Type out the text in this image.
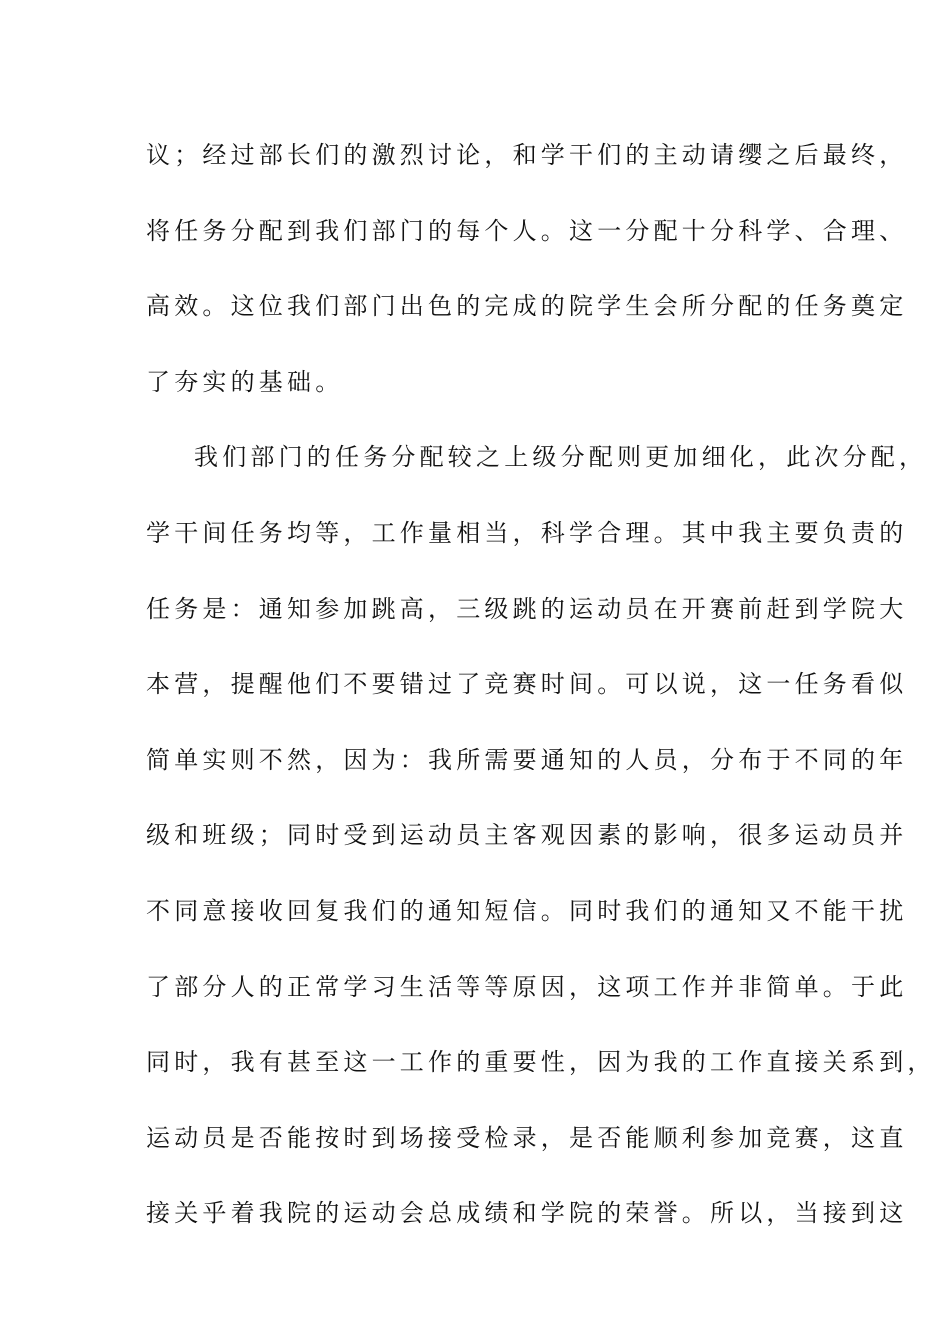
议；经过部长们的激烈讨论，和学干们的主动请缨之后最终，
将任务分配到我们部门的每个人。这一分配十分科学、合理、
高效。这位我们部门出色的完成的院学生会所分配的任务奠定
了夯实的基础。
我们部门的任务分配较之上级分配则更加细化，此次分配，
学干间任务均等，工作量相当，科学合理。其中我主要负责的
任务是：通知参加跳高，三级跳的运动员在开赛前赶到学院大
本营，提醒他们不要错过了竞赛时间。可以说，这一任务看似
简单实则不然，因为：我所需要通知的人员，分布于不同的年
级和班级；同时受到运动员主客观因素的影响，很多运动员并
不同意接收回复我们的通知短信。同时我们的通知又不能干扰
了部分人的正常学习生活等等原因，这项工作并非简单。于此
同时，我有甚至这一工作的重要性，因为我的工作直接关系到，
运动员是否能按时到场接受检录，是否能顺利参加竞赛，这直
接关乎着我院的运动会总成绩和学院的荣誉。所以，当接到这
